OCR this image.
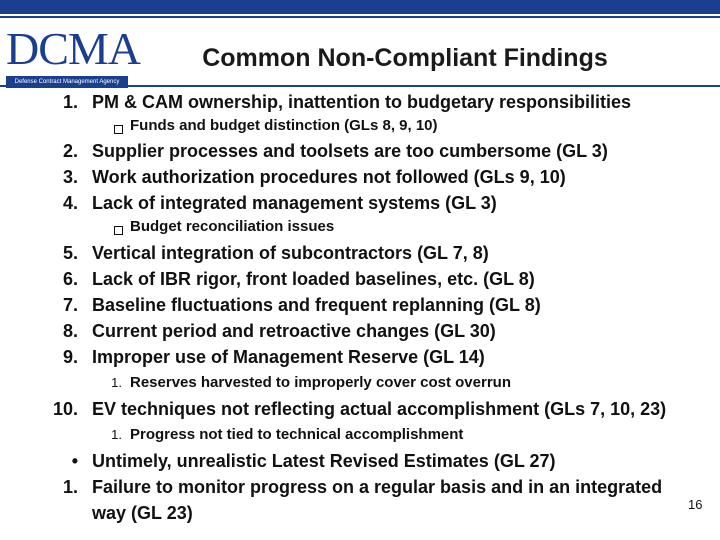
DCMA
Defense Contract Management Agency
Common Non-Compliant Findings
1. PM & CAM ownership, inattention to budgetary responsibilities
Funds and budget distinction (GLs 8, 9, 10)
2. Supplier processes and toolsets are too cumbersome (GL 3)
3. Work authorization procedures not followed (GLs 9, 10)
4. Lack of integrated management systems (GL 3)
Budget reconciliation issues
5. Vertical integration of subcontractors (GL 7, 8)
6. Lack of IBR rigor, front loaded baselines, etc. (GL 8)
7. Baseline fluctuations and frequent replanning (GL 8)
8. Current period and retroactive changes (GL 30)
9. Improper use of Management Reserve (GL 14)
1. Reserves harvested to improperly cover cost overrun
10. EV techniques not reflecting actual accomplishment (GLs 7, 10, 23)
1. Progress not tied to technical accomplishment
• Untimely, unrealistic Latest Revised Estimates (GL 27)
1. Failure to monitor progress on a regular basis and in an integrated
way (GL 23)	16
